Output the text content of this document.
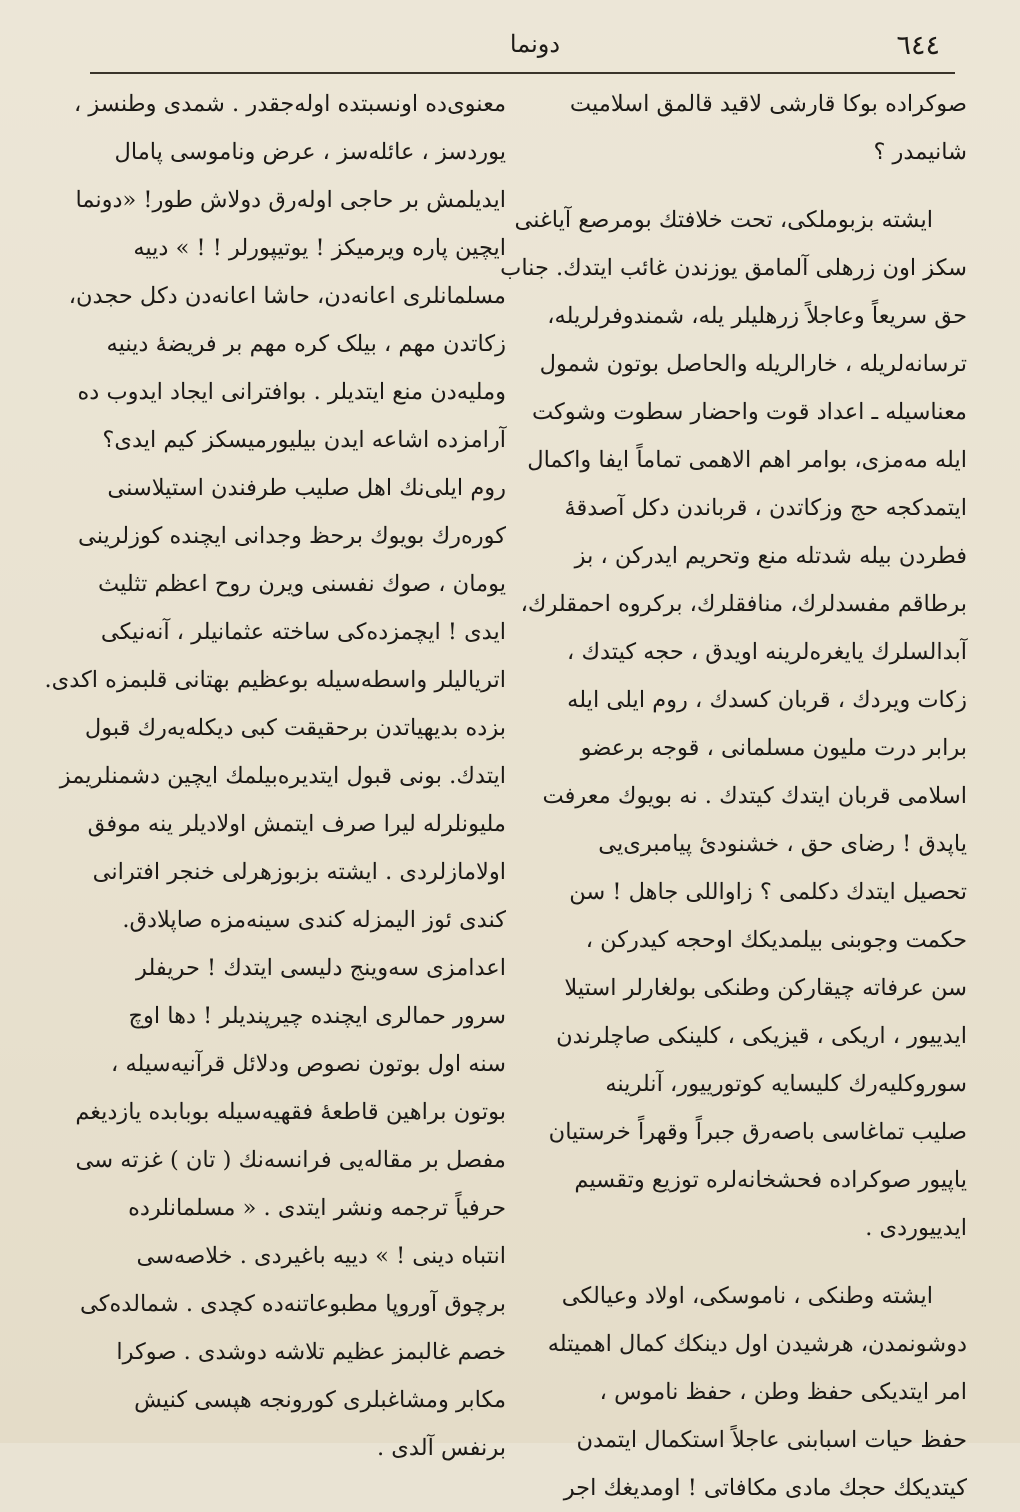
٦٤٤
دونما
صوکراده بوکا قارشی لاقید قالمق اسلامیت
شانیمدر ؟
ایشته بزبوملکی، تحت خلافتك بومرصع آیاغنی
سکز اون زرهلی آلمامق یوزندن غائب ایتدك. جناب
حق سریعاً وعاجلاً زرهلیلر یله، شمندوفرلریله،
ترسانه‌لریله ، خارالریله والحاصل بوتون شمول
معناسیله ـ اعداد قوت واحضار سطوت وشوکت
ایله مه‌مزی، بوامر اهم الاهمی تماماً ایفا واکمال
ایتمدکجه حج وزکاتدن ، قرباندن دکل آصدقهٔ
فطردن بیله شدتله منع وتحریم ایدرکن ، بز
برطاقم مفسدلرك، منافقلرك، برکروه احمقلرك،
آبدالسلرك یایغره‌لرینه اویدق ، حجه کیتدك ،
زکات ویردك ، قربان کسدك ، روم ایلی ایله
برابر درت ملیون مسلمانی ، قوجه برعضو
اسلامی قربان ایتدك کیتدك . نه بویوك معرفت
یاپدق ! رضای حق ، خشنودیٔ پیامبری‌یی
تحصیل ایتدك دکلمی ؟ زاواللی جاهل ! سن
حکمت وجوبنی بیلمدیکك اوحجه کیدرکن ،
سن عرفاته چیقارکن وطنکی بولغارلر استیلا
ایدییور ، اریکی ، قیزیکی ، کلینکی صاچلرندن
سوروکلیه‌رك کلیسایه کوتورییور، آنلرینه
صلیب تماغاسی باصه‌رق جبراً وقهراً خرستیان
یاپیور صوکراده فحشخانه‌لره توزیع وتقسیم
ایدییوردی .
ایشته وطنکی ، ناموسکی، اولاد وعیالکی
دوشونمدن، هرشیدن اول دینکك کمال اهمیتله
امر ایتدیکی حفظ وطن ، حفظ ناموس ،
حفظ حیات اسبابنی عاجلاً استکمال ایتمدن
کیتدیکك حجك مادی مکافاتی ! اومدیغك اجر
معنوی‌ده اونسبتده اوله‌جقدر . شمدی وطنسز ،
یوردسز ، عائله‌سز ، عرض وناموسی پامال
ایدیلمش بر حاجی اوله‌رق دولاش طور! «دونما
ایچین پاره ویرمیکز ! یوتیپورلر ! ! » دییه
مسلمانلری اعانه‌دن، حاشا اعانه‌دن دکل حجدن،
زکاتدن مهم ، بیلک کره مهم بر فریضهٔ دینیه
وملیه‌دن منع ایتدیلر . بوافترانی ایجاد ایدوب ده
آرامزده اشاعه ایدن بیلیورمیسکز کیم ایدی؟
روم ایلی‌نك اهل صلیب طرفندن استیلاسنی
کوره‌رك بویوك برحظ وجدانی ایچنده کوزلرینی
یومان ، صوك نفسنی ویرن روح اعظم تثلیث
ایدی ! ایچمزده‌کی ساخته عثمانیلر ، آنه‌نیکی
اتریالیلر واسطه‌سیله بوعظیم بهتانی قلبمزه اکدی.
بزده بدیهیاتدن برحقیقت کبی دیکله‌یه‌رك قبول
ایتدك. بونی قبول ایتدیره‌بیلمك ایچین دشمنلریمز
ملیونلرله لیرا صرف ایتمش اولادیلر ینه موفق
اولامازلردی . ایشته بزبوزهرلی خنجر افترانی
کندی ئوز الیمزله کندی سینه‌مزه صاپلادق.
اعدامزی سه‌وینج دلیسی ایتدك ! حریفلر
سرور حمالری ایچنده چیرپندیلر ! دها اوچ
سنه اول بوتون نصوص ودلائل قرآنیه‌سیله ،
بوتون براهین قاطعهٔ فقهیه‌سیله بوبابده یازدیغم
مفصل بر مقاله‌یی فرانسه‌نك ( تان ) غزته سی
حرفیاً ترجمه ونشر ایتدی . « مسلمانلرده
انتباه دینی ! » دییه باغیردی . خلاصه‌سی
برچوق آوروپا مطبوعاتنه‌ده کچدی . شمالده‌کی
خصم غالبمز عظیم تلاشه دوشدی . صوکرا
مکابر ومشاغبلری کورونجه هپسی کنیش
برنفس آلدی .
